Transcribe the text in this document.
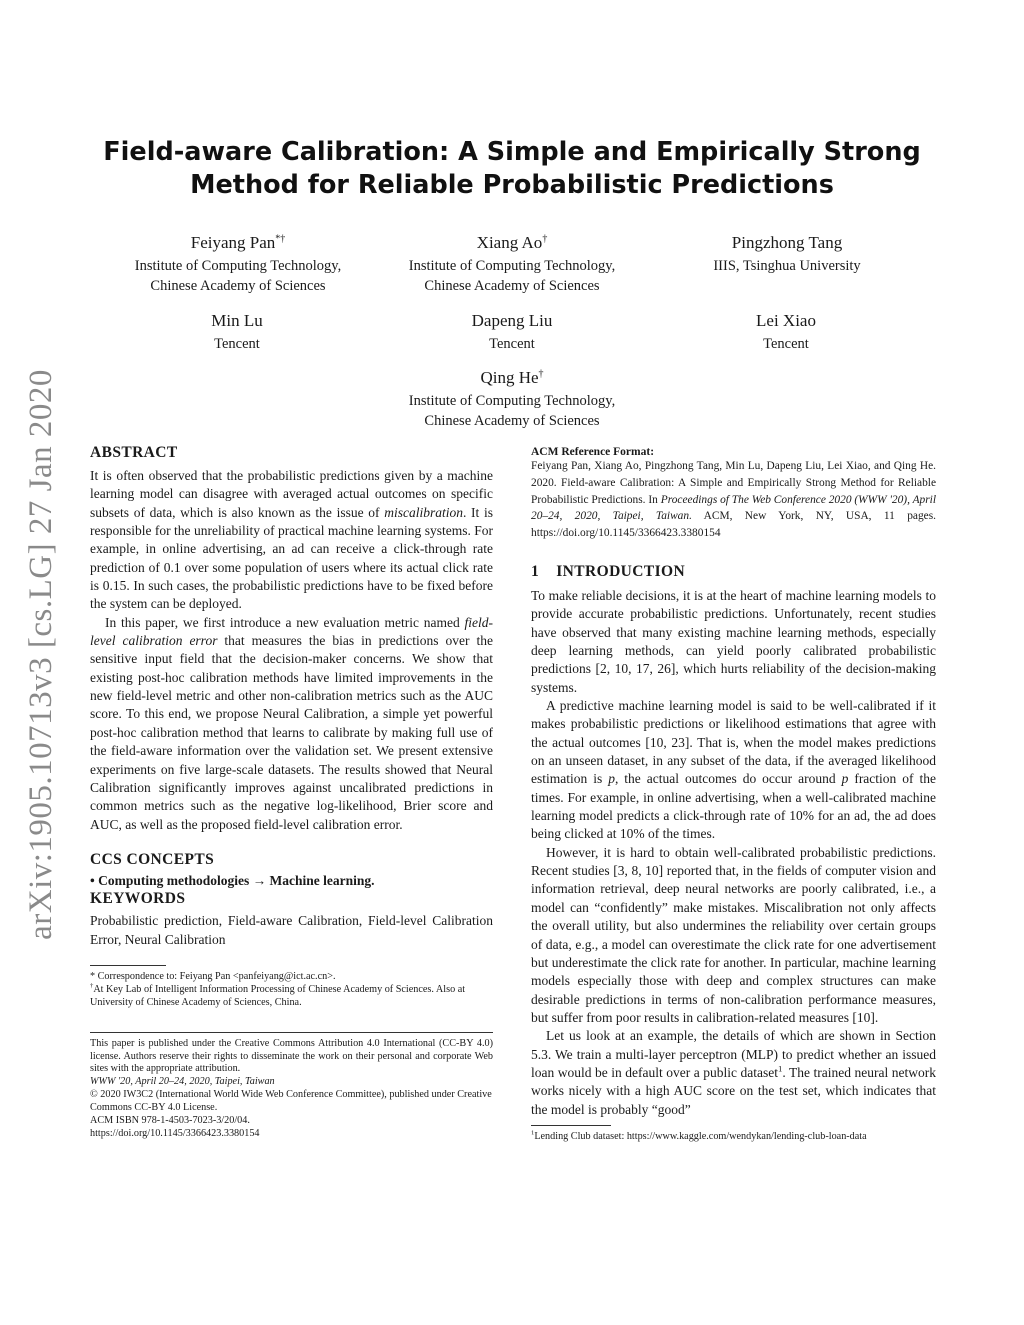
arXiv:1905.10713v3 [cs.LG] 27 Jan 2020
Field-aware Calibration: A Simple and Empirically Strong
Method for Reliable Probabilistic Predictions
Feiyang Pan*†
Institute of Computing Technology,
Chinese Academy of Sciences
Xiang Ao†
Institute of Computing Technology,
Chinese Academy of Sciences
Pingzhong Tang
IIIS, Tsinghua University
Min Lu
Tencent
Dapeng Liu
Tencent
Lei Xiao
Tencent
Qing He†
Institute of Computing Technology,
Chinese Academy of Sciences
ABSTRACT

It is often observed that the probabilistic predictions given by a machine learning model can disagree with averaged actual outcomes on specific subsets of data, which is also known as the issue of miscalibration. It is responsible for the unreliability of practical machine learning systems. For example, in online advertising, an ad can receive a click-through rate prediction of 0.1 over some population of users where its actual click rate is 0.15. In such cases, the probabilistic predictions have to be fixed before the system can be deployed.

In this paper, we first introduce a new evaluation metric named field-level calibration error that measures the bias in predictions over the sensitive input field that the decision-maker concerns. We show that existing post-hoc calibration methods have limited improvements in the new field-level metric and other non-calibration metrics such as the AUC score. To this end, we propose Neural Calibration, a simple yet powerful post-hoc calibration method that learns to calibrate by making full use of the field-aware information over the validation set. We present extensive experiments on five large-scale datasets. The results showed that Neural Calibration significantly improves against uncalibrated predictions in common metrics such as the negative log-likelihood, Brier score and AUC, as well as the proposed field-level calibration error.

CCS CONCEPTS

• Computing methodologies → Machine learning.

KEYWORDS

Probabilistic prediction, Field-aware Calibration, Field-level Calibration Error, Neural Calibration

* Correspondence to: Feiyang Pan <panfeiyang@ict.ac.cn>.

†At Key Lab of Intelligent Information Processing of Chinese Academy of Sciences. Also at University of Chinese Academy of Sciences, China.

This paper is published under the Creative Commons Attribution 4.0 International (CC-BY 4.0) license. Authors reserve their rights to disseminate the work on their personal and corporate Web sites with the appropriate attribution.

WWW '20, April 20–24, 2020, Taipei, Taiwan

© 2020 IW3C2 (International World Wide Web Conference Committee), published under Creative Commons CC-BY 4.0 License.

ACM ISBN 978-1-4503-7023-3/20/04.

https://doi.org/10.1145/3366423.3380154

ACM Reference Format:

Feiyang Pan, Xiang Ao, Pingzhong Tang, Min Lu, Dapeng Liu, Lei Xiao, and Qing He. 2020. Field-aware Calibration: A Simple and Empirically Strong Method for Reliable Probabilistic Predictions. In Proceedings of The Web Conference 2020 (WWW '20), April 20–24, 2020, Taipei, Taiwan. ACM, New York, NY, USA, 11 pages. https://doi.org/10.1145/3366423.3380154

1    INTRODUCTION

To make reliable decisions, it is at the heart of machine learning models to provide accurate probabilistic predictions. Unfortunately, recent studies have observed that many existing machine learning methods, especially deep learning methods, can yield poorly calibrated probabilistic predictions [2, 10, 17, 26], which hurts reliability of the decision-making systems.

A predictive machine learning model is said to be well-calibrated if it makes probabilistic predictions or likelihood estimations that agree with the actual outcomes [10, 23]. That is, when the model makes predictions on an unseen dataset, in any subset of the data, if the averaged likelihood estimation is p, the actual outcomes do occur around p fraction of the times. For example, in online advertising, when a well-calibrated machine learning model predicts a click-through rate of 10% for an ad, the ad does being clicked at 10% of the times.

However, it is hard to obtain well-calibrated probabilistic predictions. Recent studies [3, 8, 10] reported that, in the fields of computer vision and information retrieval, deep neural networks are poorly calibrated, i.e., a model can “confidently” make mistakes. Miscalibration not only affects the overall utility, but also undermines the reliability over certain groups of data, e.g., a model can overestimate the click rate for one advertisement but underestimate the click rate for another. In particular, machine learning models especially those with deep and complex structures can make desirable predictions in terms of non-calibration performance measures, but suffer from poor results in calibration-related measures [10].

Let us look at an example, the details of which are shown in Section 5.3. We train a multi-layer perceptron (MLP) to predict whether an issued loan would be in default over a public dataset$^1$. The trained neural network works nicely with a high AUC score on the test set, which indicates that the model is probably “good”

$^1$Lending Club dataset: https://www.kaggle.com/wendykan/lending-club-loan-data
